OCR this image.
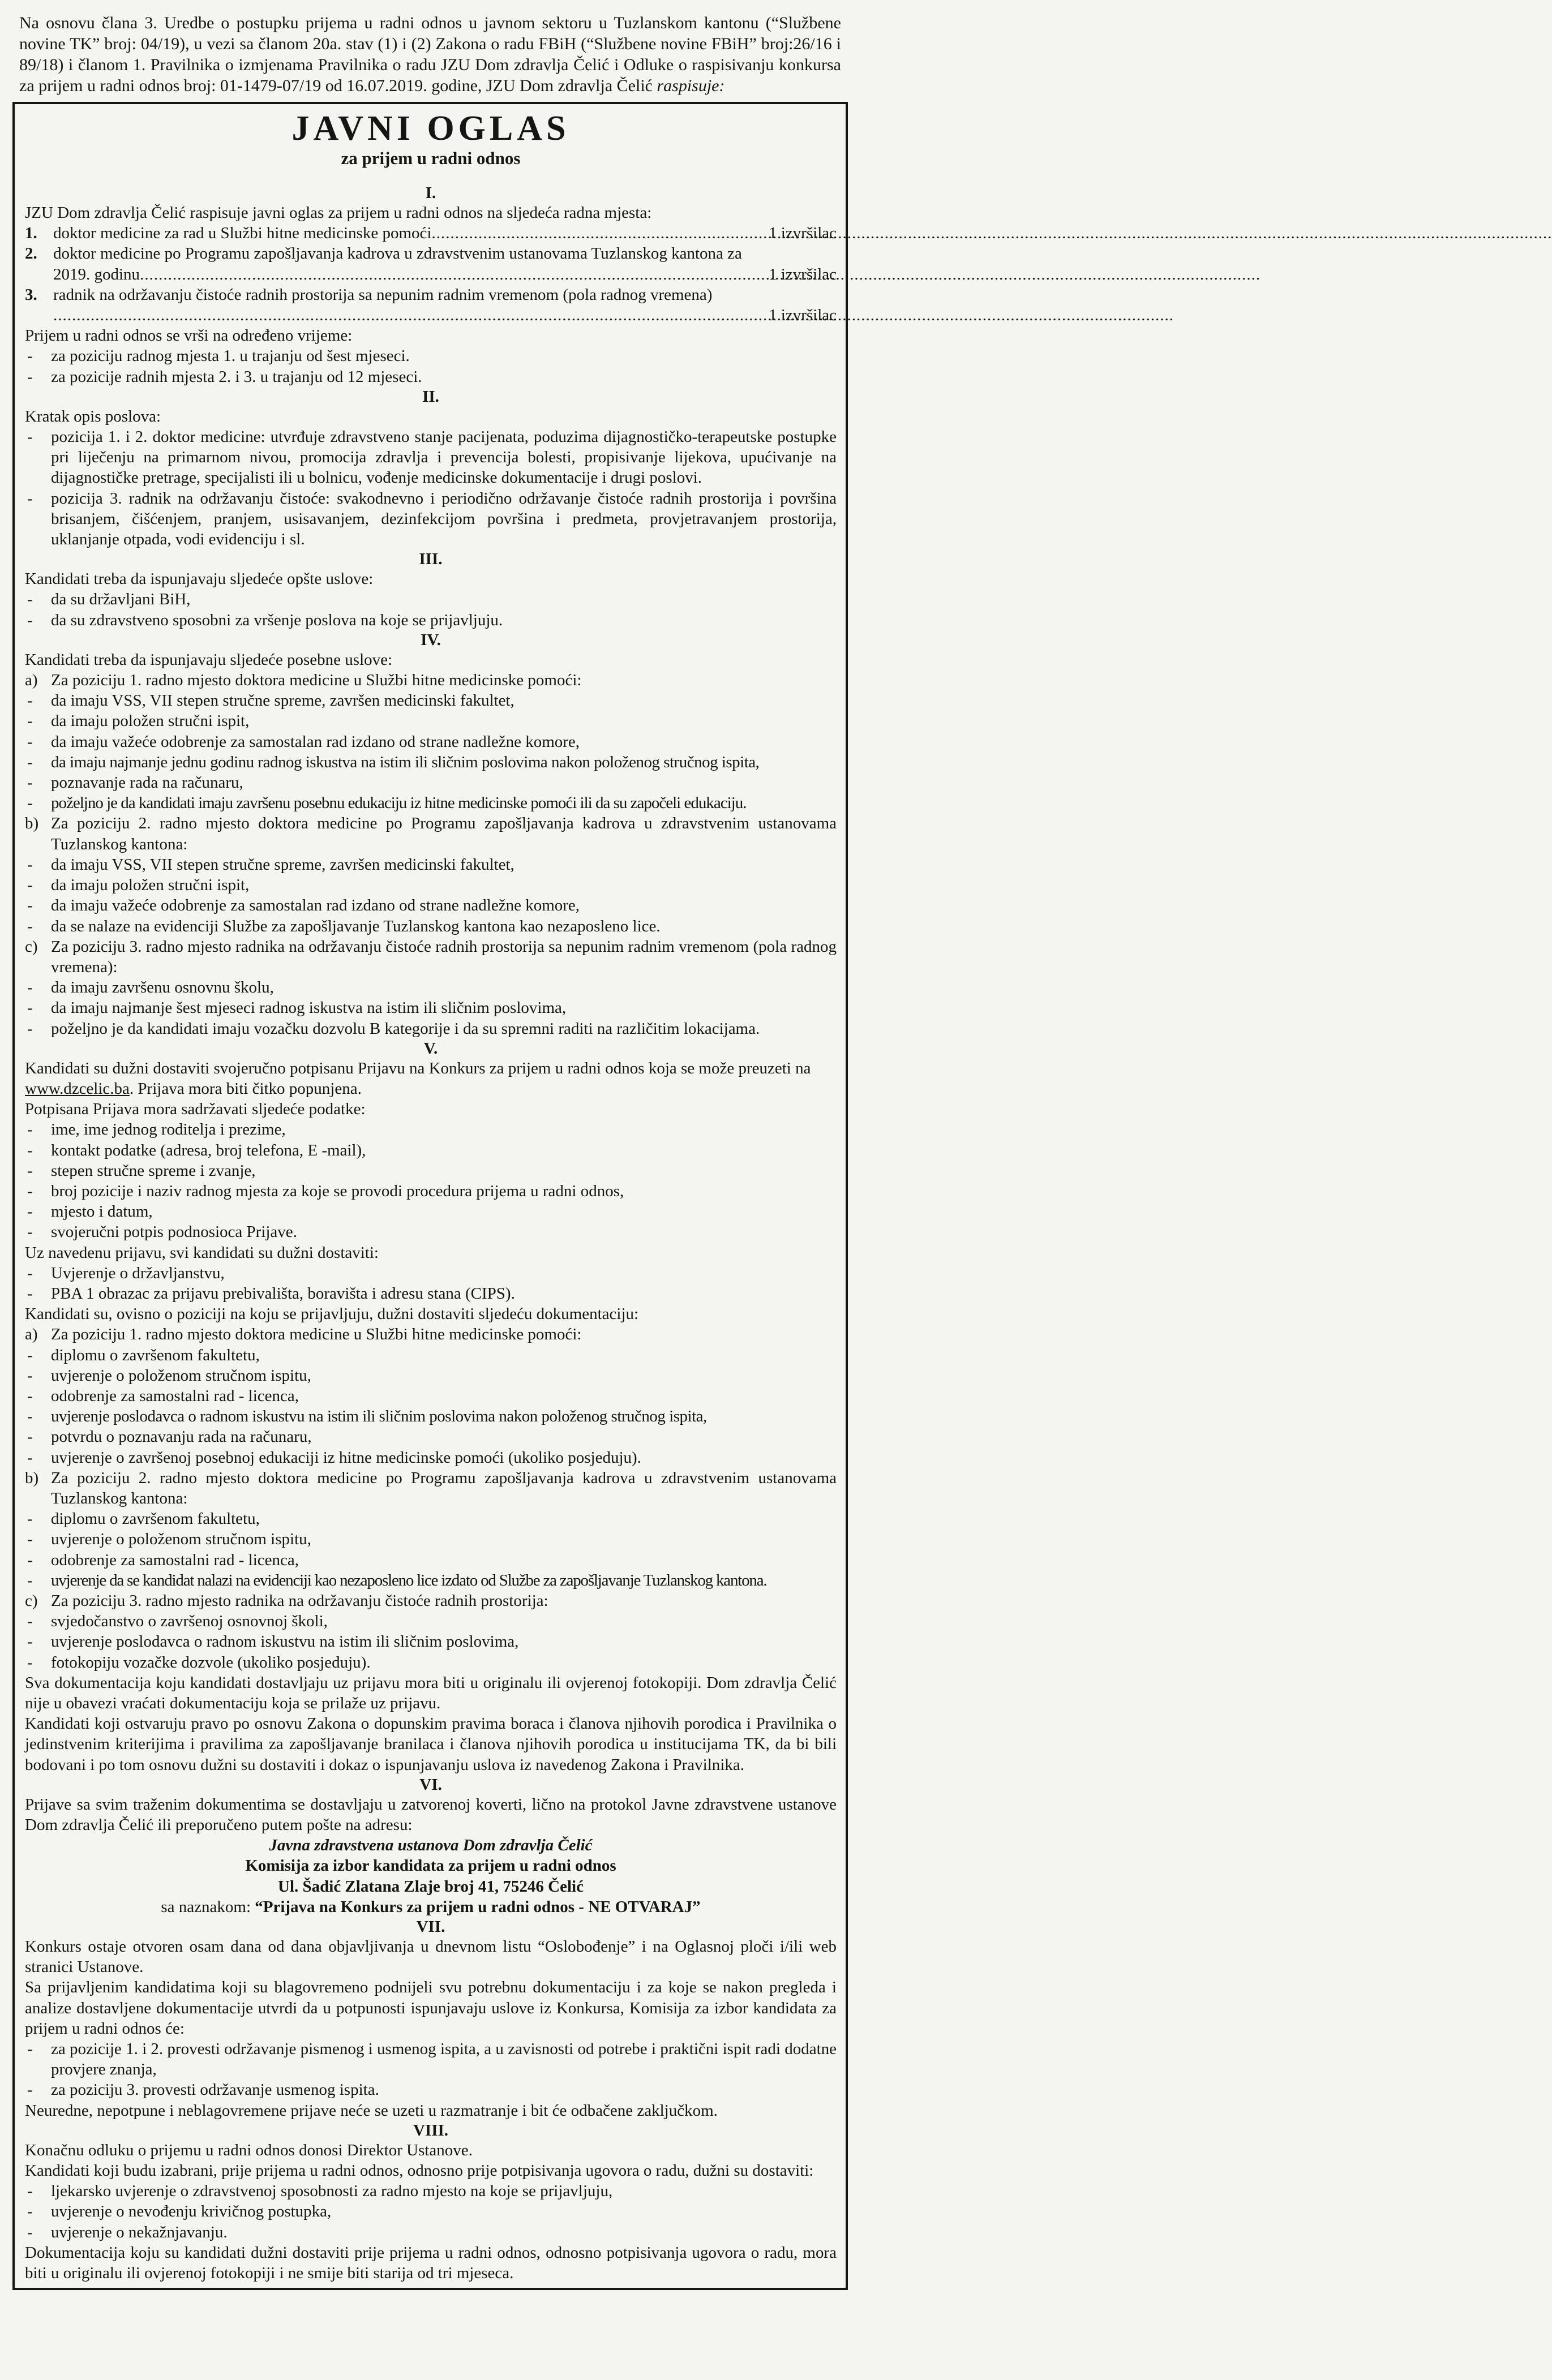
Na osnovu člana 3. Uredbe o postupku prijema u radni odnos u javnom sektoru u Tuzlanskom kantonu (“Službene novine TK” broj: 04/19), u vezi sa članom 20a. stav (1) i (2) Zakona o radu FBiH (“Službene novine FBiH” broj:26/16 i 89/18) i članom 1. Pravilnika o izmjenama Pravilnika o radu JZU Dom zdravlja Čelić i Odluke o raspisivanju konkursa za prijem u radni odnos broj: 01-1479-07/19 od 16.07.2019. godine, JZU Dom zdravlja Čelić raspisuje:

JAVNI OGLAS

za prijem u radni odnos

I.

JZU Dom zdravlja Čelić raspisuje javni oglas za prijem u radni odnos na sljedeća radna mjesta:

1. doktor medicine za rad u Službi hitne medicinske pomoći .....	1 izvršilac
2. doktor medicine po Programu zapošljavanja kadrova u zdravstvenim ustanovama Tuzlanskog kantona za
2019. godinu .....	1 izvršilac
3. radnik na održavanju čistoće radnih prostorija sa nepunim radnim vremenom (pola radnog vremena)
.....
1 izvršilac

Prijem u radni odnos se vrši na određeno vrijeme:

-	za poziciju radnog mjesta 1. u trajanju od šest mjeseci.
-	za pozicije radnih mjesta 2. i 3. u trajanju od 12 mjeseci.

II.

Kratak opis poslova:

-	pozicija 1. i 2. doktor medicine: utvrđuje zdravstveno stanje pacijenata, poduzima dijagnostičko-terapeutske postupke pri liječenju na primarnom nivou, promocija zdravlja i prevencija bolesti, propisivanje lijekova, upućivanje na dijagnostičke pretrage, specijalisti ili u bolnicu, vođenje medicinske dokumentacije i drugi poslovi.
-	pozicija 3. radnik na održavanju čistoće: svakodnevno i periodično održavanje čistoće radnih prostorija i površina brisanjem, čišćenjem, pranjem, usisavanjem, dezinfekcijom površina i predmeta, provjetravanjem prostorija, uklanjanje otpada, vodi evidenciju i sl.

III.

Kandidati treba da ispunjavaju sljedeće opšte uslove:

-	da su državljani BiH,
-	da su zdravstveno sposobni za vršenje poslova na koje se prijavljuju.

IV.

Kandidati treba da ispunjavaju sljedeće posebne uslove:

a) Za poziciju 1. radno mjesto doktora medicine u Službi hitne medicinske pomoći:
-	da imaju VSS, VII stepen stručne spreme, završen medicinski fakultet,
-	da imaju položen stručni ispit,
-	da imaju važeće odobrenje za samostalan rad izdano od strane nadležne komore,
-	da imaju najmanje jednu godinu radnog iskustva na istim ili sličnim poslovima nakon položenog stručnog ispita,
-	poznavanje rada na računaru,
-	poželjno je da kandidati imaju završenu posebnu edukaciju iz hitne medicinske pomoći ili da su započeli edukaciju.
b) Za poziciju 2. radno mjesto doktora medicine po Programu zapošljavanja kadrova u zdravstvenim ustanovama Tuzlanskog kantona:
-	da imaju VSS, VII stepen stručne spreme, završen medicinski fakultet,
-	da imaju položen stručni ispit,
-	da imaju važeće odobrenje za samostalan rad izdano od strane nadležne komore,
-	da se nalaze na evidenciji Službe za zapošljavanje Tuzlanskog kantona kao nezaposleno lice.
c) Za poziciju 3. radno mjesto radnika na održavanju čistoće radnih prostorija sa nepunim radnim vremenom (pola radnog vremena):
-	da imaju završenu osnovnu školu,
-	da imaju najmanje šest mjeseci radnog iskustva na istim ili sličnim poslovima,
-	poželjno je da kandidati imaju vozačku dozvolu B kategorije i da su spremni raditi na različitim lokacijama.

V.

Kandidati su dužni dostaviti svojeručno potpisanu Prijavu na Konkurs za prijem u radni odnos koja se može preuzeti na www.dzcelic.ba. Prijava mora biti čitko popunjena.

Potpisana Prijava mora sadržavati sljedeće podatke:

-	ime, ime jednog roditelja i prezime,
-	kontakt podatke (adresa, broj telefona, E -mail),
-	stepen stručne spreme i zvanje,
-	broj pozicije i naziv radnog mjesta za koje se provodi procedura prijema u radni odnos,
-	mjesto i datum,
-	svojeručni potpis podnosioca Prijave.

Uz navedenu prijavu, svi kandidati su dužni dostaviti:

-	Uvjerenje o državljanstvu,
-	PBA 1 obrazac za prijavu prebivališta, boravišta i adresu stana (CIPS).

Kandidati su, ovisno o poziciji na koju se prijavljuju, dužni dostaviti sljedeću dokumentaciju:

a) Za poziciju 1. radno mjesto doktora medicine u Službi hitne medicinske pomoći:
-	diplomu o završenom fakultetu,
-	uvjerenje o položenom stručnom ispitu,
-	odobrenje za samostalni rad - licenca,
-	uvjerenje poslodavca o radnom iskustvu na istim ili sličnim poslovima nakon položenog stručnog ispita,
-	potvrdu o poznavanju rada na računaru,
-	uvjerenje o završenoj posebnoj edukaciji iz hitne medicinske pomoći (ukoliko posjeduju).
b) Za poziciju 2. radno mjesto doktora medicine po Programu zapošljavanja kadrova u zdravstvenim ustanovama Tuzlanskog kantona:
-	diplomu o završenom fakultetu,
-	uvjerenje o položenom stručnom ispitu,
-	odobrenje za samostalni rad - licenca,
-	uvjerenje da se kandidat nalazi na evidenciji kao nezaposleno lice izdato od Službe za zapošljavanje Tuzlanskog kantona.
c) Za poziciju 3. radno mjesto radnika na održavanju čistoće radnih prostorija:
-	svjedočanstvo o završenoj osnovnoj školi,
-	uvjerenje poslodavca o radnom iskustvu na istim ili sličnim poslovima,
-	fotokopiju vozačke dozvole (ukoliko posjeduju).

Sva dokumentacija koju kandidati dostavljaju uz prijavu mora biti u originalu ili ovjerenoj fotokopiji. Dom zdravlja Čelić nije u obavezi vraćati dokumentaciju koja se prilaže uz prijavu.

Kandidati koji ostvaruju pravo po osnovu Zakona o dopunskim pravima boraca i članova njihovih porodica i Pravilnika o jedinstvenim kriterijima i pravilima za zapošljavanje branilaca i članova njihovih porodica u institucijama TK, da bi bili bodovani i po tom osnovu dužni su dostaviti i dokaz o ispunjavanju uslova iz navedenog Zakona i Pravilnika.

VI.

Prijave sa svim traženim dokumentima se dostavljaju u zatvorenoj koverti, lično na protokol Javne zdravstvene ustanove Dom zdravlja Čelić ili preporučeno putem pošte na adresu:

Javna zdravstvena ustanova Dom zdravlja Čelić

Komisija za izbor kandidata za prijem u radni odnos

Ul. Šadić Zlatana Zlaje broj 41, 75246 Čelić

sa naznakom: “Prijava na Konkurs za prijem u radni odnos - NE OTVARAJ”

VII.

Konkurs ostaje otvoren osam dana od dana objavljivanja u dnevnom listu “Oslobođenje” i na Oglasnoj ploči i/ili web stranici Ustanove.

Sa prijavljenim kandidatima koji su blagovremeno podnijeli svu potrebnu dokumentaciju i za koje se nakon pregleda i analize dostavljene dokumentacije utvrdi da u potpunosti ispunjavaju uslove iz Konkursa, Komisija za izbor kandidata za prijem u radni odnos će:

-	za pozicije 1. i 2. provesti održavanje pismenog i usmenog ispita, a u zavisnosti od potrebe i praktični ispit radi dodatne provjere znanja,
-	za poziciju 3. provesti održavanje usmenog ispita.

Neuredne, nepotpune i neblagovremene prijave neće se uzeti u razmatranje i bit će odbačene zaključkom.

VIII.

Konačnu odluku o prijemu u radni odnos donosi Direktor Ustanove.

Kandidati koji budu izabrani, prije prijema u radni odnos, odnosno prije potpisivanja ugovora o radu, dužni su dostaviti:

-	ljekarsko uvjerenje o zdravstvenoj sposobnosti za radno mjesto na koje se prijavljuju,
-	uvjerenje o nevođenju krivičnog postupka,
-	uvjerenje o nekažnjavanju.

Dokumentacija koju su kandidati dužni dostaviti prije prijema u radni odnos, odnosno potpisivanja ugovora o radu, mora biti u originalu ili ovjerenoj fotokopiji i ne smije biti starija od tri mjeseca.
